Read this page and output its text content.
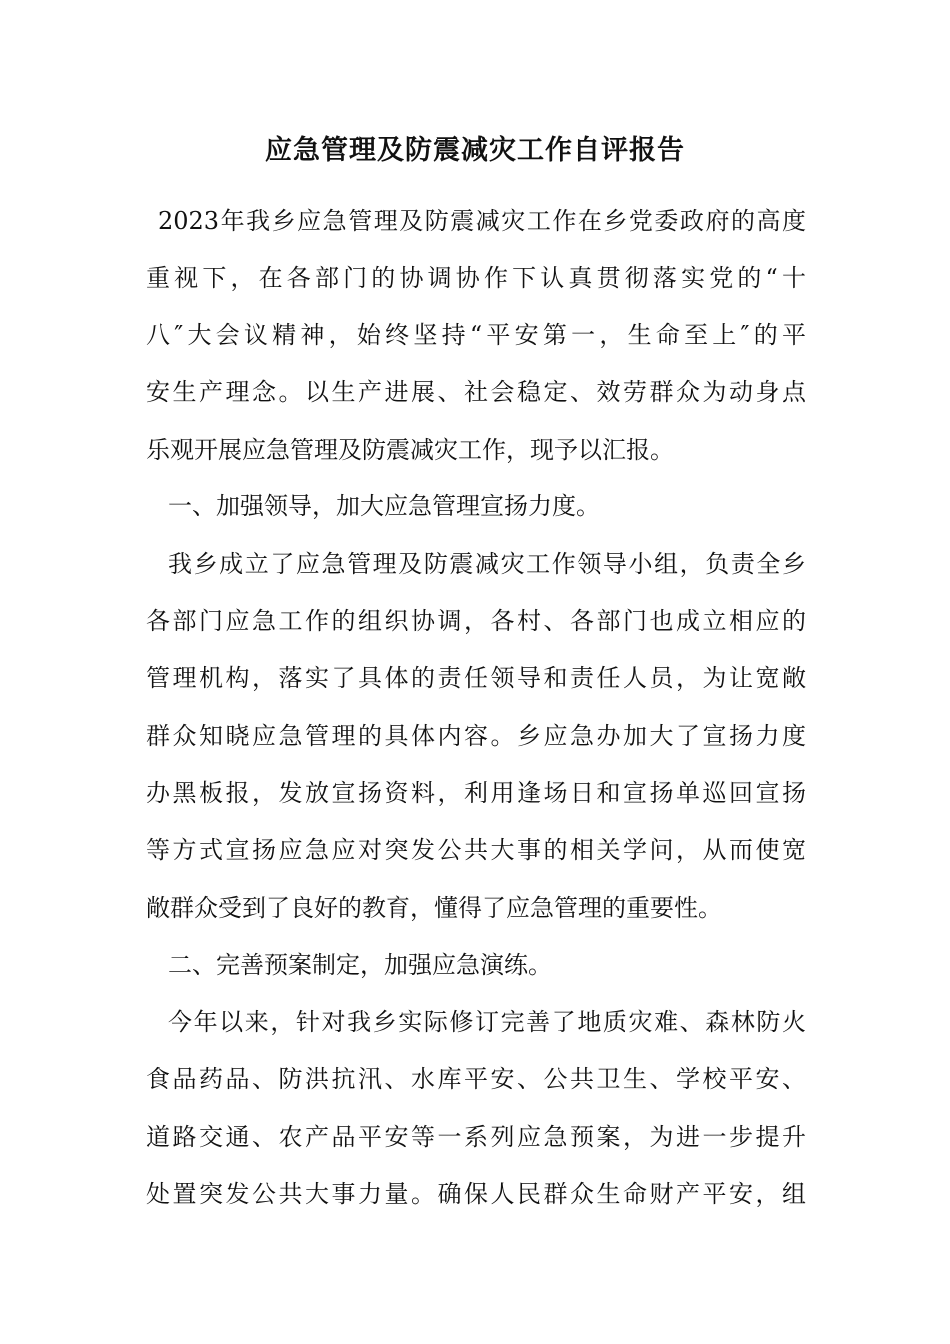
应急管理及防震减灾工作自评报告
2023年我乡应急管理及防震减灾工作在乡党委政府的高度
重视下，在各部门的协调协作下认真贯彻落实党的“十
八″大会议精神，始终坚持“平安第一，生命至上″的平
安生产理念。以生产进展、社会稳定、效劳群众为动身点
乐观开展应急管理及防震减灾工作，现予以汇报。
一、加强领导，加大应急管理宣扬力度。
我乡成立了应急管理及防震减灾工作领导小组，负责全乡
各部门应急工作的组织协调，各村、各部门也成立相应的
管理机构，落实了具体的责任领导和责任人员，为让宽敞
群众知晓应急管理的具体内容。乡应急办加大了宣扬力度
办黑板报，发放宣扬资料，利用逢场日和宣扬单巡回宣扬
等方式宣扬应急应对突发公共大事的相关学问，从而使宽
敞群众受到了良好的教育，懂得了应急管理的重要性。
二、完善预案制定，加强应急演练。
今年以来，针对我乡实际修订完善了地质灾难、森林防火
食品药品、防洪抗汛、水库平安、公共卫生、学校平安、
道路交通、农产品平安等一系列应急预案，为进一步提升
处置突发公共大事力量。确保人民群众生命财产平安，组
